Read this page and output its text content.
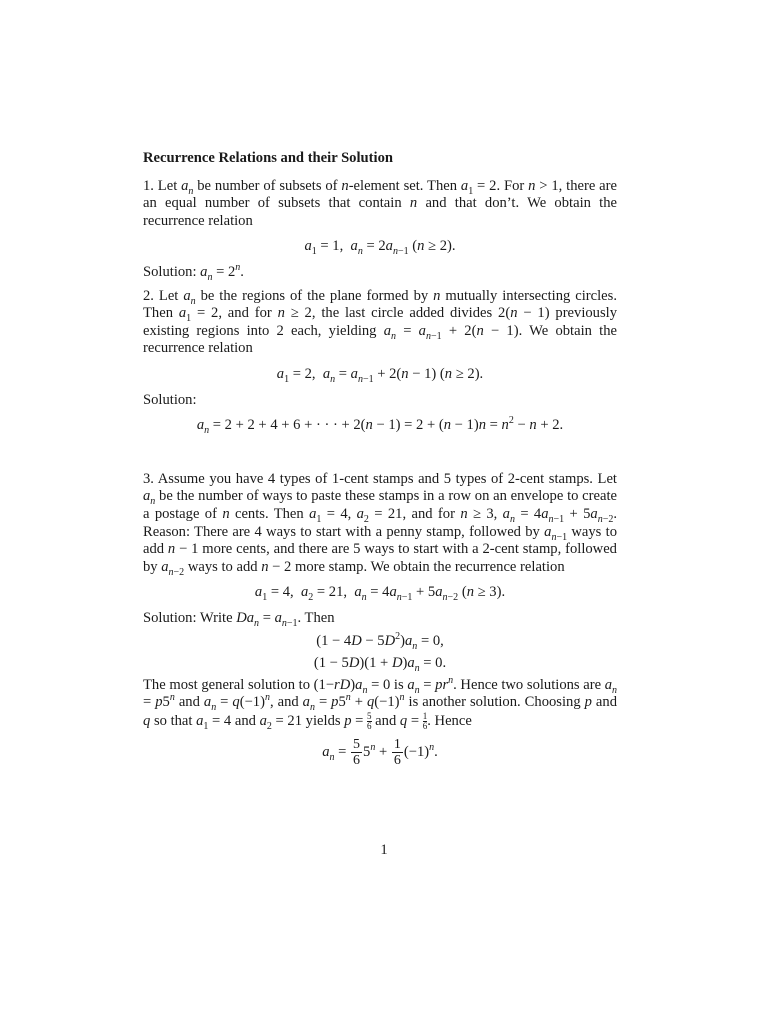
Recurrence Relations and their Solution

1. Let $a_n$ be number of subsets of n-element set. Then $a_1 = 2$. For n > 1, there are an equal number of subsets that contain n and that don’t. We obtain the recurrence relation

$a_1 = 1$,  $a_n = 2a_{n-1}$ (n ≥ 2).

Solution: $a_n = 2^n$.

2. Let $a_n$ be the regions of the plane formed by n mutually intersecting circles. Then $a_1 = 2$, and for n ≥ 2, the last circle added divides 2(n − 1) previously existing regions into 2 each, yielding $a_n = a_{n-1} + 2(n - 1)$. We obtain the recurrence relation

$a_1 = 2$,  $a_n = a_{n-1} + 2(n - 1) (n \ge 2)$.

Solution:

$a_n = 2 + 2 + 4 + 6$ + · · · + $2(n - 1) = 2 + (n - 1)n = n^2 - n + 2$.

3. Assume you have 4 types of 1-cent stamps and 5 types of 2-cent stamps. Let $a_n$ be the number of ways to paste these stamps in a row on an envelope to create a postage of n cents. Then $a_1 = 4$, $a_2 = 21$, and for n ≥ 3, $a_n = 4a_{n-1} + 5a_{n-2}$. Reason: There are 4 ways to start with a penny stamp, followed by $a_{n-1}$ ways to add n − 1 more cents, and there are 5 ways to start with a 2-cent stamp, followed by $a_{n-2}$ ways to add n − 2 more stamp. We obtain the recurrence relation

$a_1 = 4$,  $a_2 = 21$,  $a_n = 4a_{n-1} + 5a_{n-2}$ (n ≥ 3).

Solution: Write $Da_n = a_{n-1}$. Then

$(1 - 4D - 5D^2)a_n = 0$,
$(1 - 5D)(1 + D)a_n = 0$.

The most general solution to $(1-rD)a_n = 0$ is $a_n = pr^n$. Hence two solutions are $a_n = p5^n$ and $a_n = q(-1)^n$, and $a_n = p5^n + q(-1)^n$ is another solution. Choosing p and q so that $a_1 = 4$ and $a_2 = 21$ yields $p = \frac{5}{6}$ and $q = \frac{1}{6}$ . Hence

$a_n = \frac{5}{6} 5^n + \frac{1}{6} (-1)^n$.
1
